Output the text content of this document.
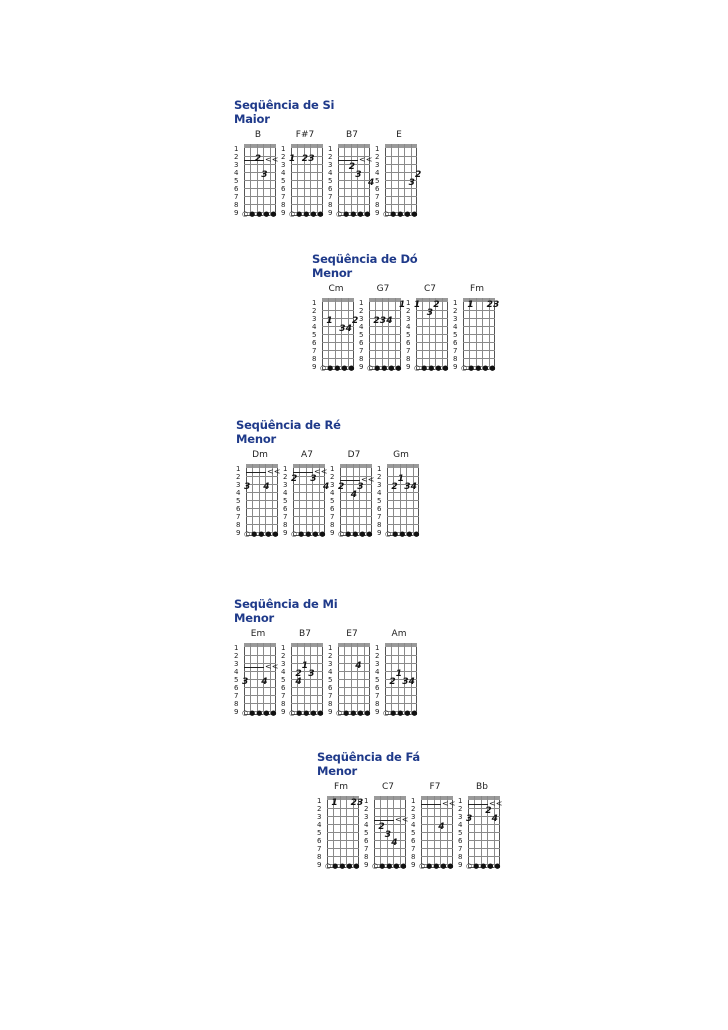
Seqüência de Si
Maior
B
1
2
3
4
5
6
7
8
9
<<
2
3
○●●●●
F#7
1
2
3
4
5
6
7
8
9
1 2 3
○●●●●
B7
1
2
3
4
5
6
7
8
9
<<
2
3
4
○●●●●
E
1
2
3
4
5
6
7
8
9
2
3
○●●●●
Seqüência de Dó
Menor
Cm
1
2
3
4
5
6
7
8
9
1 2
3 4
○●●●●
G7
1
2
3
4
5
6
7
8
9
1
2 3 4
○●●●●
C7
1
2
3
4
5
6
7
8
9
1 2
3
○●●●●
Fm
1
2
3
4
5
6
7
8
9
1 2 3
○●●●●
Seqüência de Ré
Menor
Dm
1
2
3
4
5
6
7
8
9
<<
3 4
○●●●●
A7
1
2
3
4
5
6
7
8
9
<<
2 3
4
○●●●●
D7
1
2
3
4
5
6
7
8
9
<<
2 3
4
○●●●●
Gm
1
2
3
4
5
6
7
8
9
1
2 3 4
○●●●●
Seqüência de Mi
Menor
Em
1
2
3
4
5
6
7
8
9
<<
3 4
○●●●●
B7
1
2
3
4
5
6
7
8
9
1
2 3
4
○●●●●
E7
1
2
3
4
5
6
7
8
9
4
○●●●●
Am
1
2
3
4
5
6
7
8
9
1
2 3 4
○●●●●
Seqüência de Fá
Menor
Fm
1
2
3
4
5
6
7
8
9
1 2 3
○●●●●
C7
1
2
3
4
5
6
7
8
9
<<
2
3
4
○●●●●
F7
1
2
3
4
5
6
7
8
9
<<
4
○●●●●
Bb
1
2
3
4
5
6
7
8
9
<<
2
3 4
○●●●●
